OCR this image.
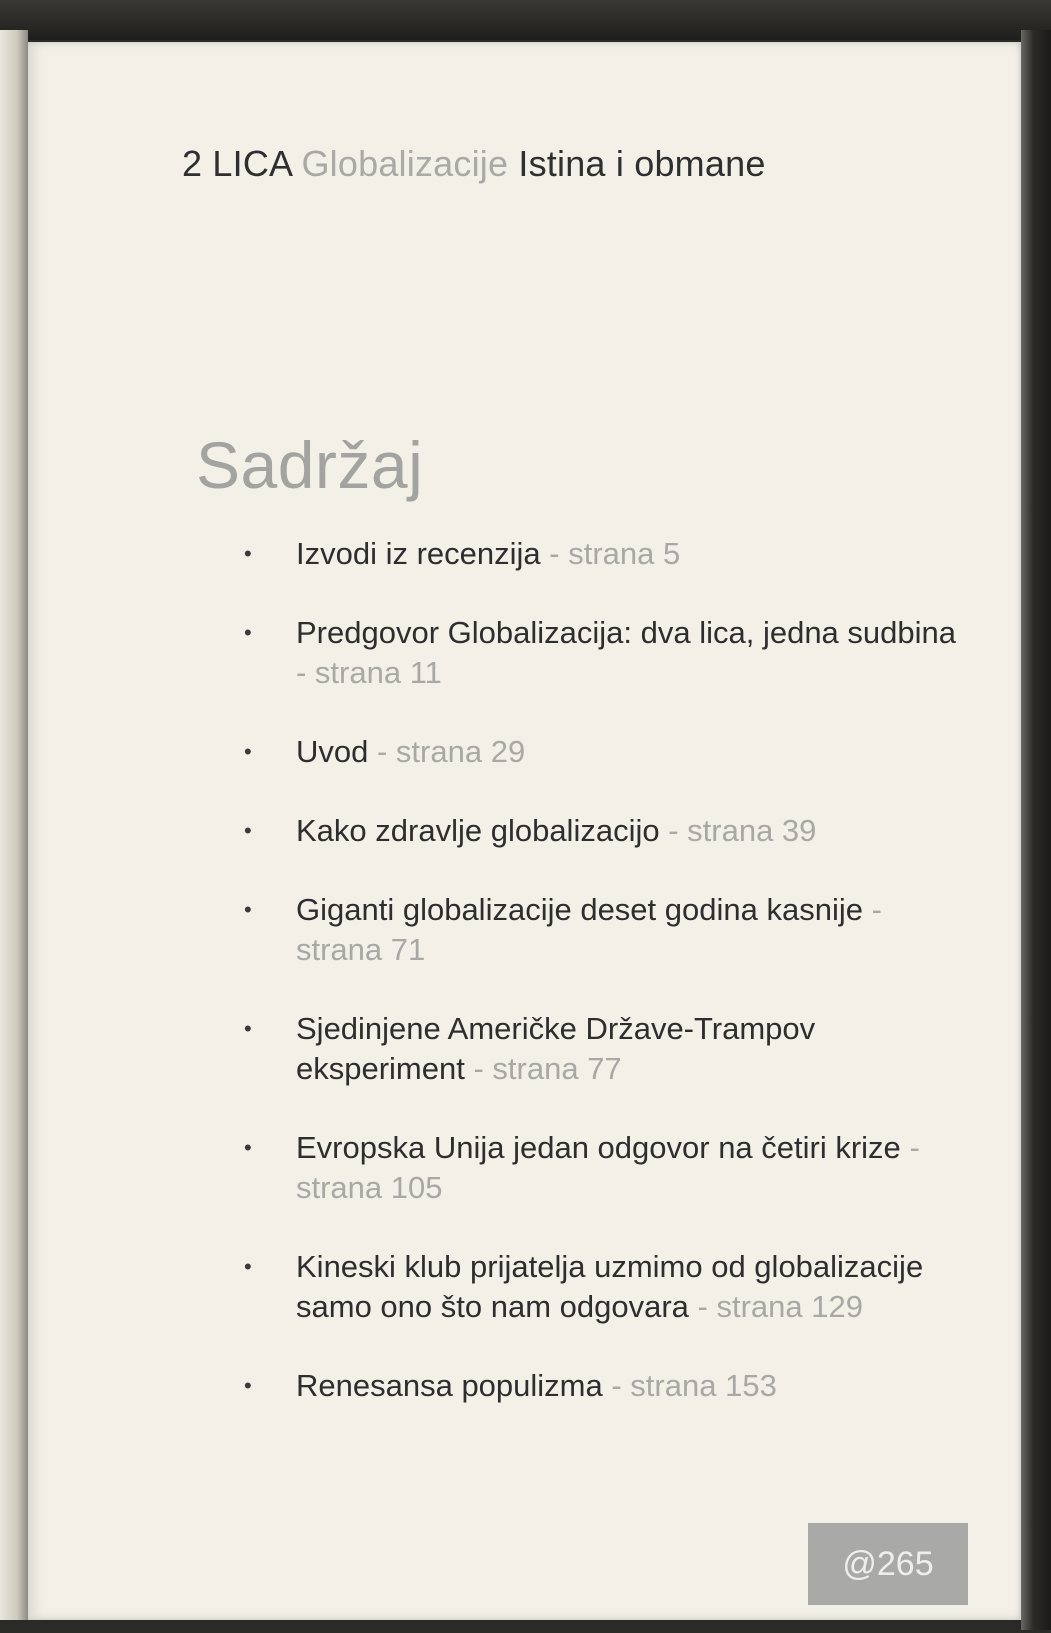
2 LICA Globalizacije Istina i obmane
Sadržaj
• Izvodi iz recenzija - strana 5
• Predgovor Globalizacija: dva lica, jedna sudbina - strana 11
• Uvod - strana 29
• Kako zdravlje globalizacijo - strana 39
• Giganti globalizacije deset godina kasnije - strana 71
• Sjedinjene Američke Države-Trampov eksperiment - strana 77
• Evropska Unija jedan odgovor na četiri krize - strana 105
• Kineski klub prijatelja uzmimo od globalizacije samo ono što nam odgovara - strana 129
• Renesansa populizma - strana 153
@265
